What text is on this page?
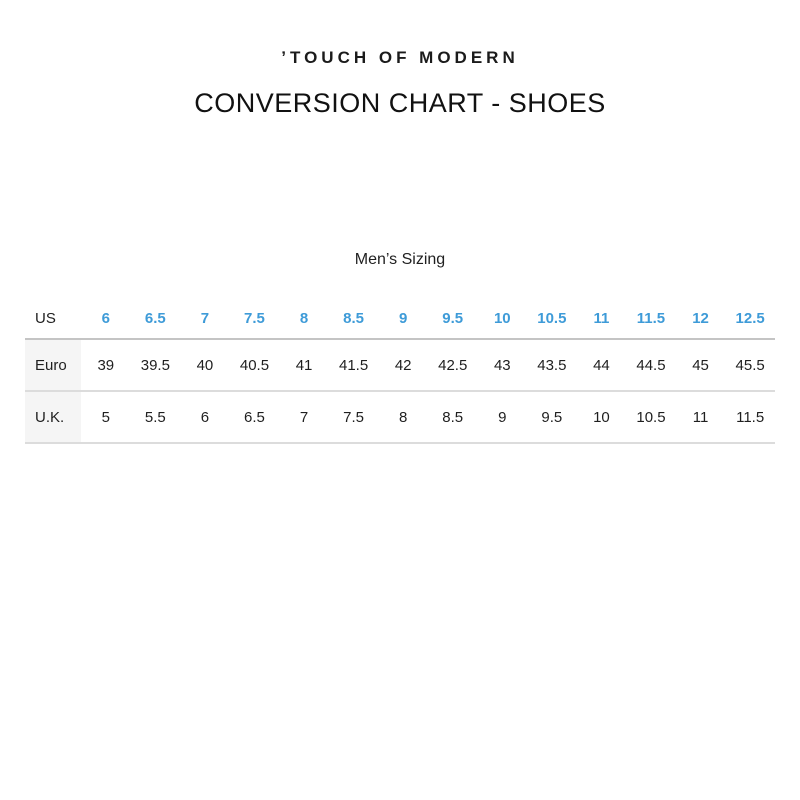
ʼTOUCH OF MODERN
CONVERSION CHART - SHOES
Men’s Sizing
US	6	6.5	7	7.5	8	8.5	9	9.5	10	10.5	11	11.5	12	12.5
Euro	39	39.5	40	40.5	41	41.5	42	42.5	43	43.5	44	44.5	45	45.5
U.K.	5	5.5	6	6.5	7	7.5	8	8.5	9	9.5	10	10.5	11	11.5
